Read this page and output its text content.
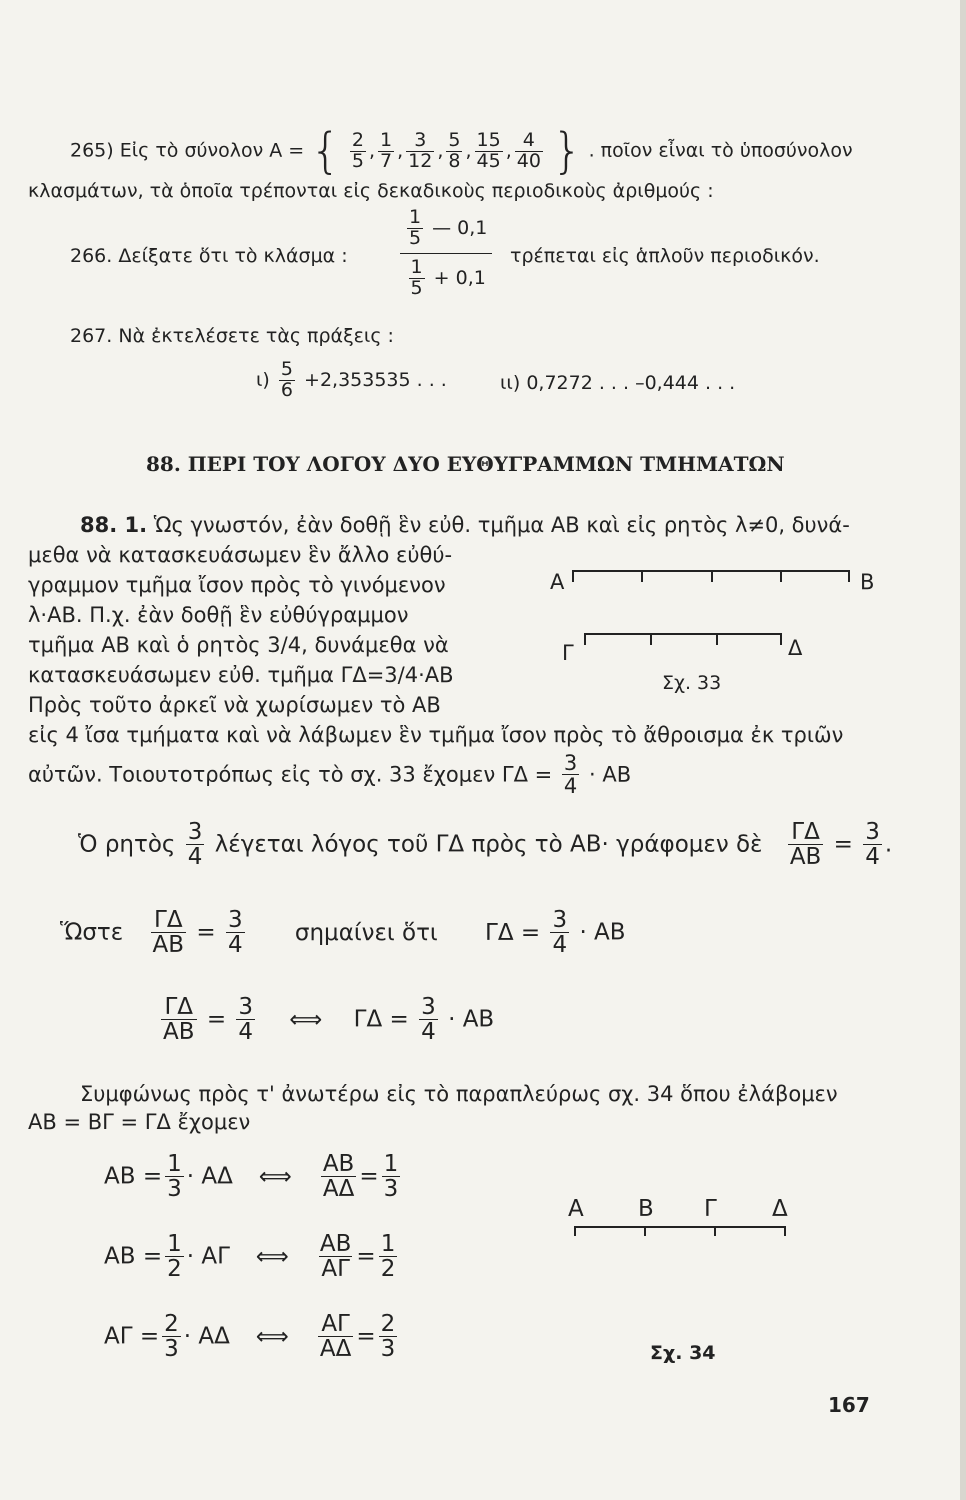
265) Εἰς τὸ σύνολον Α = { $\frac{2}{5}$ , $\frac{1}{7}$ , $\frac{3}{12}$ , $\frac{5}{8}$ , $\frac{15}{45}$ , $\frac{4}{40}$ } . ποῖον εἶναι τὸ ὑποσύνολον
κλασμάτων, τὰ ὁποῖα τρέπονται εἰς δεκαδικοὺς περιοδικοὺς ἀριθμούς :
266. Δείξατε ὅτι τὸ κλάσμα :
$\frac{1}{5}$ — 0,1
$\frac{1}{5} + 0,1$
τρέπεται εἰς ἁπλοῦν περιοδικόν.
267. Νὰ ἐκτελέσετε τὰς πράξεις :
$\iota) \frac{5}{6} +2,353535$ . . .	ιι) 0,7272 . . . –0,444 . . .
88. ΠΕΡΙ ΤΟΥ ΛΟΓΟΥ ΔΥΟ ΕΥΘΥΓΡΑΜΜΩΝ ΤΜΗΜΑΤΩΝ
88. 1. Ὡς γνωστόν, ἐὰν δοθῇ ἓν εὐθ. τμῆμα ΑΒ καὶ εἰς ρητὸς λ≠0, δυνά-
μεθα νὰ κατασκευάσωμεν ἓν ἄλλο εὐθύ-
γραμμον τμῆμα ἴσον πρὸς τὸ γινόμενον
λ·ΑΒ. Π.χ. ἐὰν δοθῇ ἓν εὐθύγραμμον
τμῆμα ΑΒ καὶ ὁ ρητὸς 3/4, δυνάμεθα νὰ
κατασκευάσωμεν εὐθ. τμῆμα ΓΔ=3/4·ΑΒ
Πρὸς τοῦτο ἀρκεῖ νὰ χωρίσωμεν τὸ ΑΒ
εἰς 4 ἴσα τμήματα καὶ νὰ λάβωμεν ἓν τμῆμα ἴσον πρὸς τὸ ἄθροισμα ἐκ τριῶν
αὐτῶν. Τοιουτοτρόπως εἰς τὸ σχ. 33 ἔχομεν $\Gamma\Delta = \frac{3}{4} \cdot AB$
Α	Β
Γ	Δ
Σχ. 33
Ὁ ρητὸς $\frac{3}{4}$ λέγεται λόγος τοῦ ΓΔ πρὸς τὸ ΑΒ· γράφομεν δὲ $\frac{\Gamma\Delta}{AB} = \frac{3}{4}$ .
Ὥστε $\frac{\Gamma\Delta}{AB} = \frac{3}{4}$ σημαίνει ὅτι $\Gamma\Delta = \frac{3}{4} \cdot AB$
$\frac{\Gamma\Delta}{AB} = \frac{3}{4}$ ⟺ $\Gamma\Delta = \frac{3}{4} \cdot AB$
Συμφώνως πρὸς τ' ἀνωτέρω εἰς τὸ παραπλεύρως σχ. 34 ὅπου ἐλάβομεν
ΑΒ = ΒΓ = ΓΔ ἔχομεν
$AB = \frac{1}{3} \cdot A\Delta$ ⟺ $\frac{AB}{A\Delta} = \frac{1}{3}$
$AB = \frac{1}{2} \cdot A\Gamma$ ⟺ $\frac{AB}{A\Gamma} = \frac{1}{2}$
$A\Gamma = \frac{2}{3} \cdot A\Delta$ ⟺ $\frac{A\Gamma}{A\Delta} = \frac{2}{3}$
Α Β Γ Δ
Σχ. 34
167
